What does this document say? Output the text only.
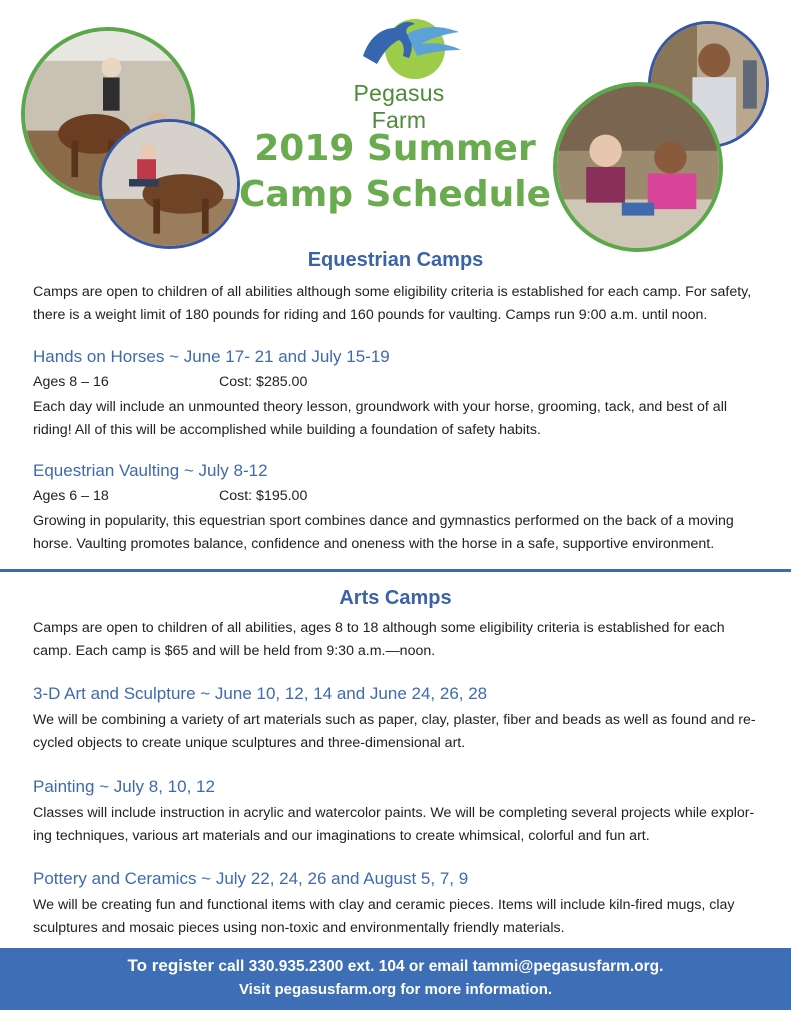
Pegasus Farm
2019 Summer
Camp Schedule
Equestrian Camps
Camps are open to children of all abilities although some eligibility criteria is established for each camp. For safety, there is a weight limit of 180 pounds for riding and 160 pounds for vaulting. Camps run 9:00 a.m. until noon.
Hands on Horses ~ June 17- 21 and July 15-19
Ages 8 – 16	Cost: $285.00
Each day will include an unmounted theory lesson, groundwork with your horse, grooming, tack, and best of all riding! All of this will be accomplished while building a foundation of safety habits.
Equestrian Vaulting ~ July 8-12
Ages 6 – 18	Cost: $195.00
Growing in popularity, this equestrian sport combines dance and gymnastics performed on the back of a moving horse. Vaulting promotes balance, confidence and oneness with the horse in a safe, supportive environment.
Arts Camps
Camps are open to children of all abilities, ages 8 to 18 although some eligibility criteria is established for each camp. Each camp is $65 and will be held from 9:30 a.m.—noon.
3-D Art and Sculpture ~ June 10, 12, 14 and June 24, 26, 28
We will be combining a variety of art materials such as paper, clay, plaster, fiber and beads as well as found and re-cycled objects to create unique sculptures and three-dimensional art.
Painting ~ July 8, 10, 12
Classes will include instruction in acrylic and watercolor paints. We will be completing several projects while explor-ing techniques, various art materials and our imaginations to create whimsical, colorful and fun art.
Pottery and Ceramics ~ July 22, 24, 26 and August 5, 7, 9
We will be creating fun and functional items with clay and ceramic pieces. Items will include kiln-fired mugs, clay sculptures and mosaic pieces using non-toxic and environmentally friendly materials.
To register call 330.935.2300 ext. 104 or email tammi@pegasusfarm.org.
Visit pegasusfarm.org for more information.
